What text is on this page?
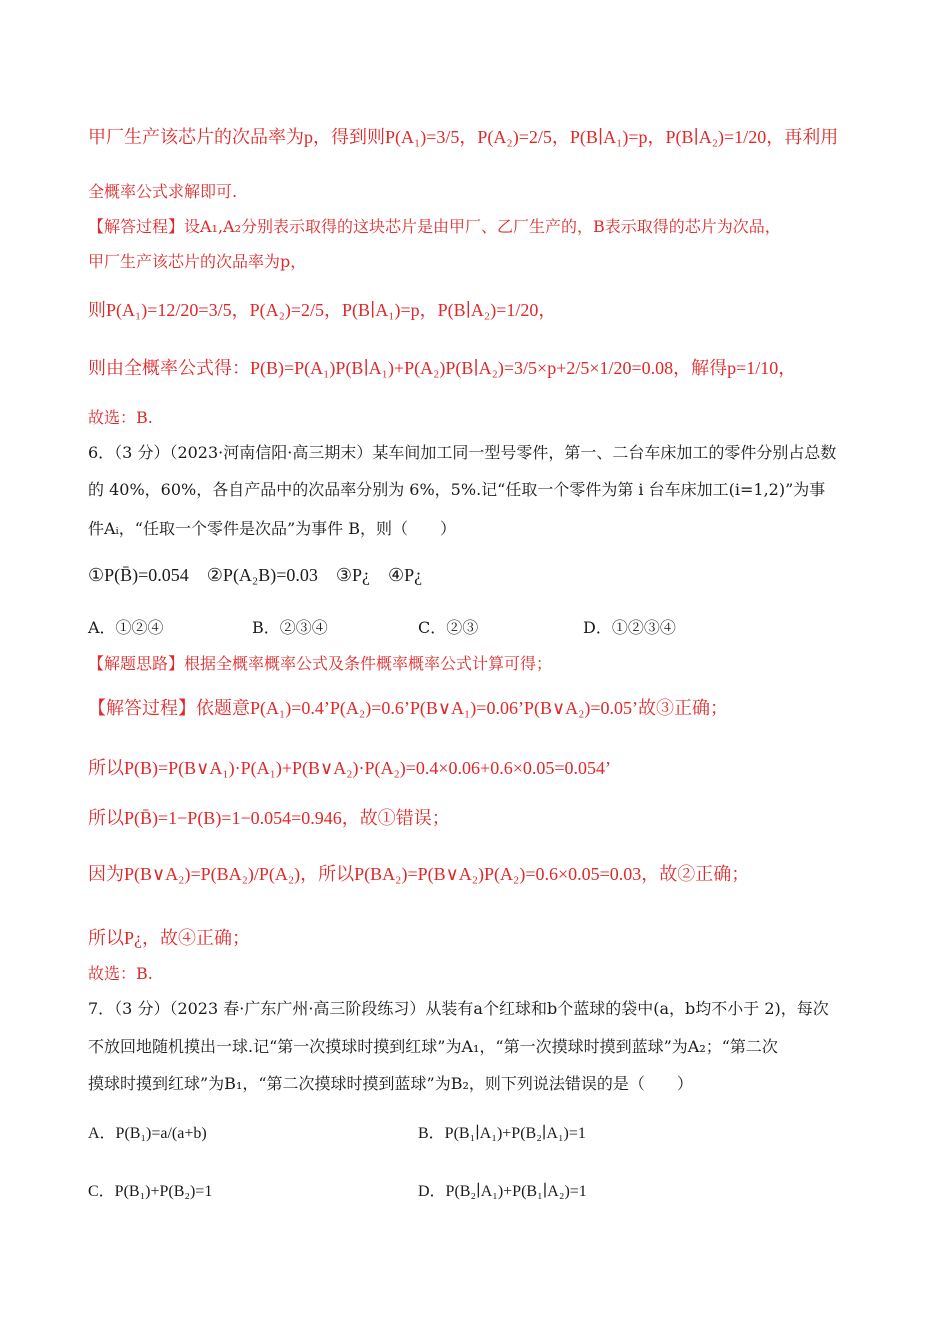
甲厂生产该芯片的次品率为p，得到则P(A₁)=3/5，P(A₂)=2/5，P(B∣A₁)=p，P(B∣A₂)=1/20，再利用
全概率公式求解即可.
【解答过程】设A₁,A₂分别表示取得的这块芯片是由甲厂、乙厂生产的，B表示取得的芯片为次品，
甲厂生产该芯片的次品率为p，
则P(A₁)=12/20=3/5，P(A₂)=2/5，P(B∣A₁)=p，P(B∣A₂)=1/20，
则由全概率公式得：P(B)=P(A₁)P(B∣A₁)+P(A₂)P(B∣A₂)=3/5×p+2/5×1/20=0.08，解得p=1/10，
故选：B.
6．（3 分）（2023·河南信阳·高三期末）某车间加工同一型号零件，第一、二台车床加工的零件分别占总数
的 40%，60%，各自产品中的次品率分别为 6%，5%.记“任取一个零件为第 i 台车床加工(i=1,2)”为事
件Aᵢ，“任取一个零件是次品”为事件 B，则（　　）
①P(B̄)=0.054　②P(A₂B)=0.03　③P¿　④P¿
A．①②④	B．②③④	C．②③	D．①②③④
【解题思路】根据全概率概率公式及条件概率概率公式计算可得；
【解答过程】依题意P(A₁)=0.4’P(A₂)=0.6’P(B∨A₁)=0.06’P(B∨A₂)=0.05’故③正确；
所以P(B)=P(B∨A₁)·P(A₁)+P(B∨A₂)·P(A₂)=0.4×0.06+0.6×0.05=0.054’
所以P(B̄)=1−P(B)=1−0.054=0.946，故①错误；
因为P(B∨A₂)=P(BA₂)/P(A₂)，所以P(BA₂)=P(B∨A₂)P(A₂)=0.6×0.05=0.03，故②正确；
所以P¿，故④正确；
故选：B.
7．（3 分）（2023 春·广东广州·高三阶段练习）从装有a个红球和b个蓝球的袋中(a，b均不小于 2)，每次
不放回地随机摸出一球.记“第一次摸球时摸到红球”为A₁，“第一次摸球时摸到蓝球”为A₂；“第二次
摸球时摸到红球”为B₁，“第二次摸球时摸到蓝球”为B₂，则下列说法错误的是（　　）
A．P(B₁)=a/(a+b)	B．P(B₁∣A₁)+P(B₂∣A₁)=1
C．P(B₁)+P(B₂)=1	D．P(B₂∣A₁)+P(B₁∣A₂)=1
